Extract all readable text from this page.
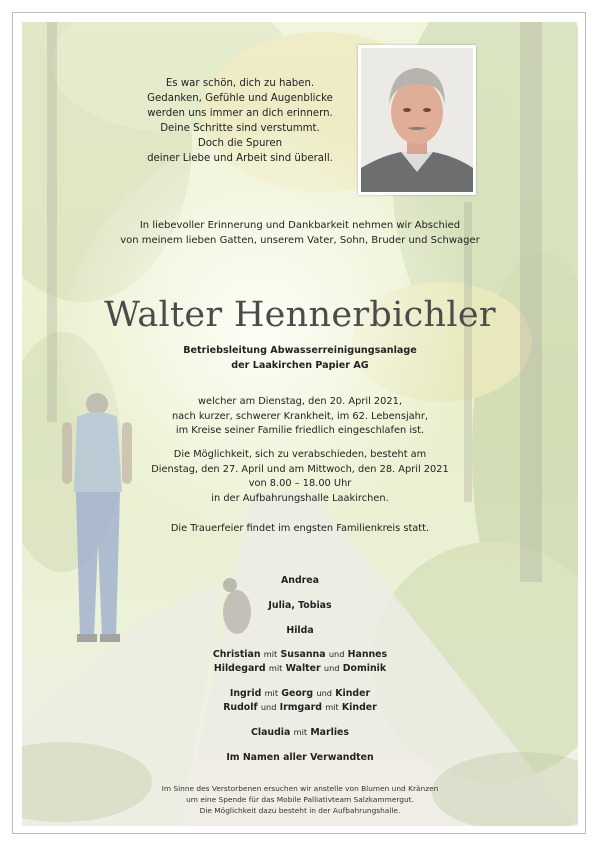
Es war schön, dich zu haben.
Gedanken, Gefühle und Augenblicke
werden uns immer an dich erinnern.
Deine Schritte sind verstummt.
Doch die Spuren
deiner Liebe und Arbeit sind überall.
In liebevoller Erinnerung und Dankbarkeit nehmen wir Abschied
von meinem lieben Gatten, unserem Vater, Sohn, Bruder und Schwager
Walter Hennerbichler
Betriebsleitung Abwasserreinigungsanlage
der Laakirchen Papier AG
welcher am Dienstag, den 20. April 2021,
nach kurzer, schwerer Krankheit, im 62. Lebensjahr,
im Kreise seiner Familie friedlich eingeschlafen ist.
Die Möglichkeit, sich zu verabschieden, besteht am
Dienstag, den 27. April und am Mittwoch, den 28. April 2021
von 8.00 – 18.00 Uhr
in der Aufbahrungshalle Laakirchen.
Die Trauerfeier findet im engsten Familienkreis statt.
Andrea
Julia, Tobias
Hilda
Christian mit Susanna und Hannes
Hildegard mit Walter und Dominik
Ingrid mit Georg und Kinder
Rudolf und Irmgard mit Kinder
Claudia mit Marlies
Im Namen aller Verwandten
Im Sinne des Verstorbenen ersuchen wir anstelle von Blumen und Kränzen
um eine Spende für das Mobile Palliativteam Salzkammergut.
Die Möglichkeit dazu besteht in der Aufbahrungshalle.
